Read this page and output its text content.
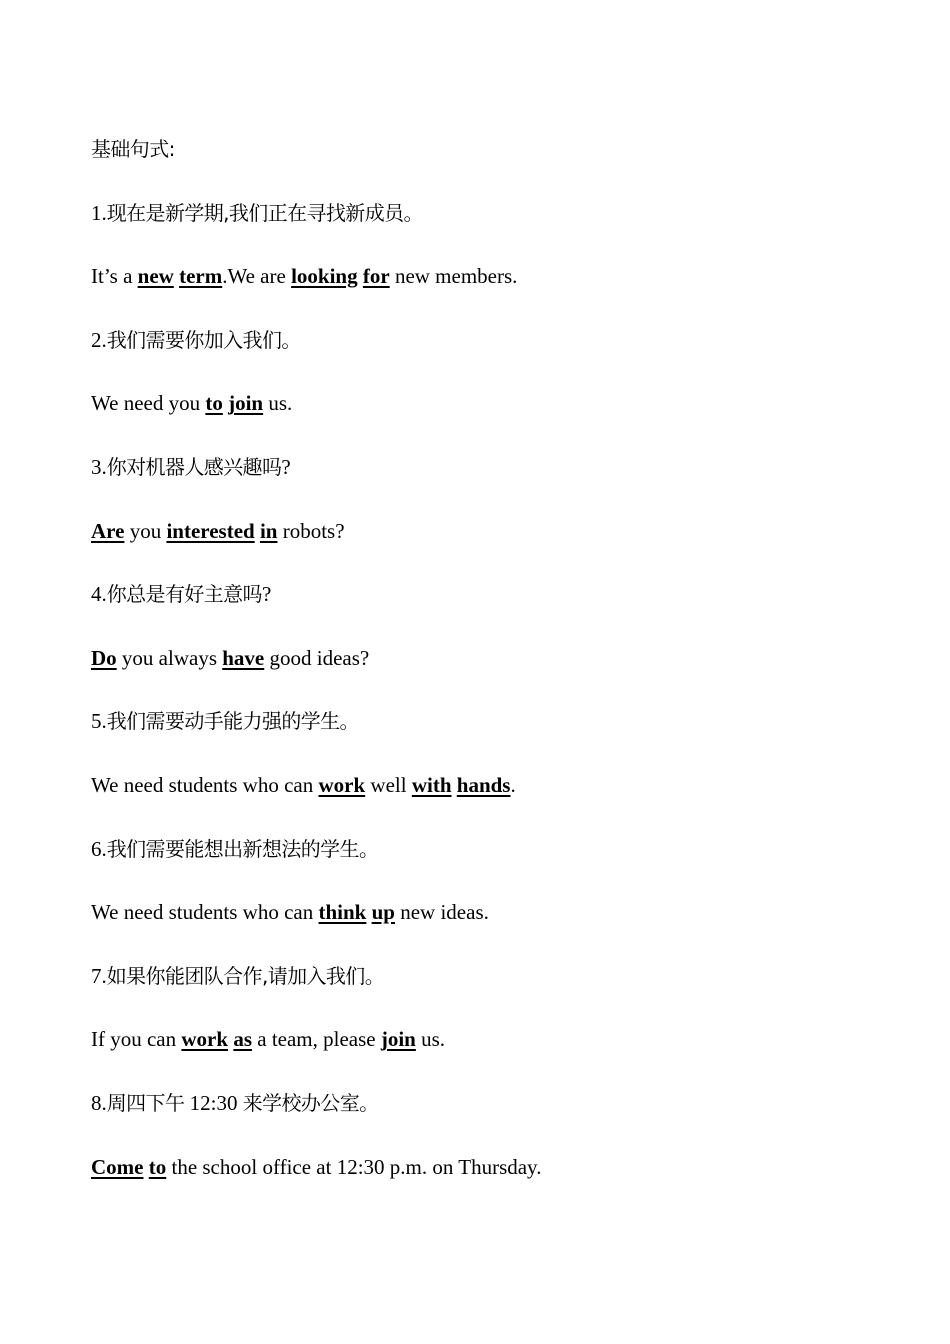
基础句式:
1.现在是新学期,我们正在寻找新成员。
It’s a new term.We are looking for new members.
2.我们需要你加入我们。
We need you to join us.
3.你对机器人感兴趣吗?
Are you interested in robots?
4.你总是有好主意吗?
Do you always have good ideas?
5.我们需要动手能力强的学生。
We need students who can work well with hands.
6.我们需要能想出新想法的学生。
We need students who can think up new ideas.
7.如果你能团队合作,请加入我们。
If you can work as a team, please join us.
8.周四下午 12:30 来学校办公室。
Come to the school office at 12:30 p.m. on Thursday.
